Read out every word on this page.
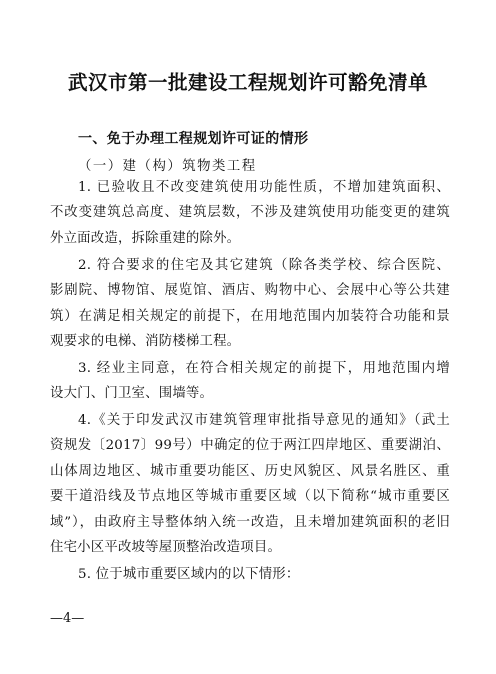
武汉市第一批建设工程规划许可豁免清单
一、免于办理工程规划许可证的情形
（一）建（构）筑物类工程
1. 已验收且不改变建筑使用功能性质，不增加建筑面积、
不改变建筑总高度、建筑层数，不涉及建筑使用功能变更的建筑
外立面改造，拆除重建的除外。
2. 符合要求的住宅及其它建筑（除各类学校、综合医院、
影剧院、博物馆、展览馆、酒店、购物中心、会展中心等公共建
筑）在满足相关规定的前提下，在用地范围内加装符合功能和景
观要求的电梯、消防楼梯工程。
3. 经业主同意，在符合相关规定的前提下，用地范围内增
设大门、门卫室、围墙等。
4.《关于印发武汉市建筑管理审批指导意见的通知》（武土
资规发〔2017〕99号）中确定的位于两江四岸地区、重要湖泊、
山体周边地区、城市重要功能区、历史风貌区、风景名胜区、重
要干道沿线及节点地区等城市重要区域（以下简称“城市重要区
域”），由政府主导整体纳入统一改造，且未增加建筑面积的老旧
住宅小区平改坡等屋顶整治改造项目。
5. 位于城市重要区域内的以下情形：
—4—
